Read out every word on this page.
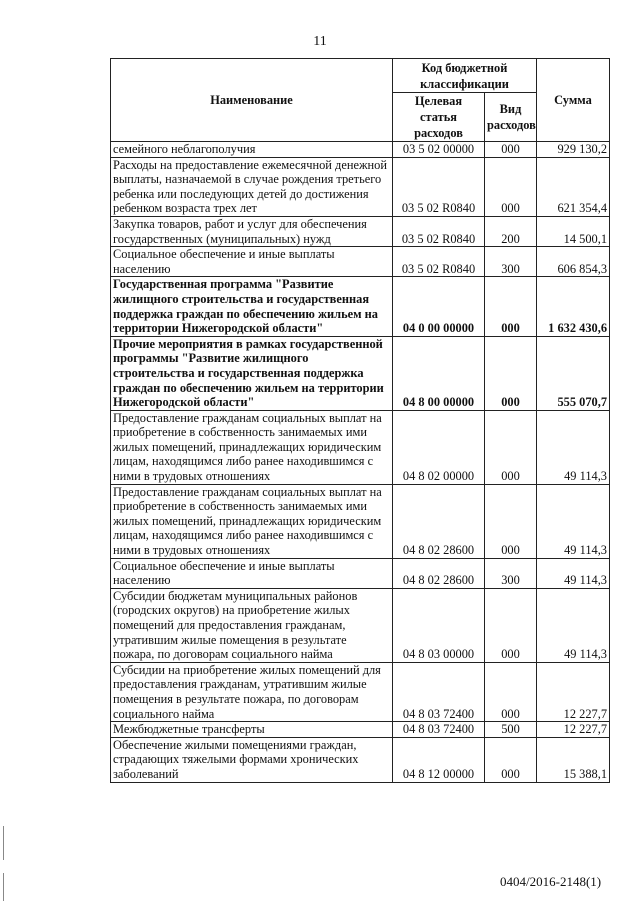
11
Наименование	Код бюджетной классификации		Сумма
	Целевая статья расходов	Вид расходов	
семейного неблагополучия	03 5 02 00000	000	929 130,2
Расходы на предоставление ежемесячной денежной выплаты, назначаемой в случае рождения третьего ребенка или последующих детей до достижения ребенком возраста трех лет	03 5 02 R0840	000	621 354,4
Закупка товаров, работ и услуг для обеспечения государственных (муниципальных) нужд	03 5 02 R0840	200	14 500,1
Социальное обеспечение и иные выплаты населению	03 5 02 R0840	300	606 854,3
Государственная программа "Развитие жилищного строительства и государственная поддержка граждан по обеспечению жильем на территории Нижегородской области"	04 0 00 00000	000	1 632 430,6
Прочие мероприятия в рамках государственной программы "Развитие жилищного строительства и государственная поддержка граждан по обеспечению жильем на территории Нижегородской области"	04 8 00 00000	000	555 070,7
Предоставление гражданам социальных выплат на приобретение в собственность занимаемых ими жилых помещений, принадлежащих юридическим лицам, находящимся либо ранее находившимся с ними в трудовых отношениях	04 8 02 00000	000	49 114,3
Предоставление гражданам социальных выплат на приобретение в собственность занимаемых ими жилых помещений, принадлежащих юридическим лицам, находящимся либо ранее находившимся с ними в трудовых отношениях	04 8 02 28600	000	49 114,3
Социальное обеспечение и иные выплаты населению	04 8 02 28600	300	49 114,3
Субсидии бюджетам муниципальных районов (городских округов) на приобретение жилых помещений для предоставления гражданам, утратившим жилые помещения в результате пожара, по договорам социального найма	04 8 03 00000	000	49 114,3
Субсидии на приобретение жилых помещений для предоставления гражданам, утратившим жилые помещения в результате пожара, по договорам социального найма	04 8 03 72400	000	12 227,7
Межбюджетные трансферты	04 8 03 72400	500	12 227,7
Обеспечение жилыми помещениями граждан, страдающих тяжелыми формами хронических заболеваний	04 8 12 00000	000	15 388,1
0404/2016-2148(1)
